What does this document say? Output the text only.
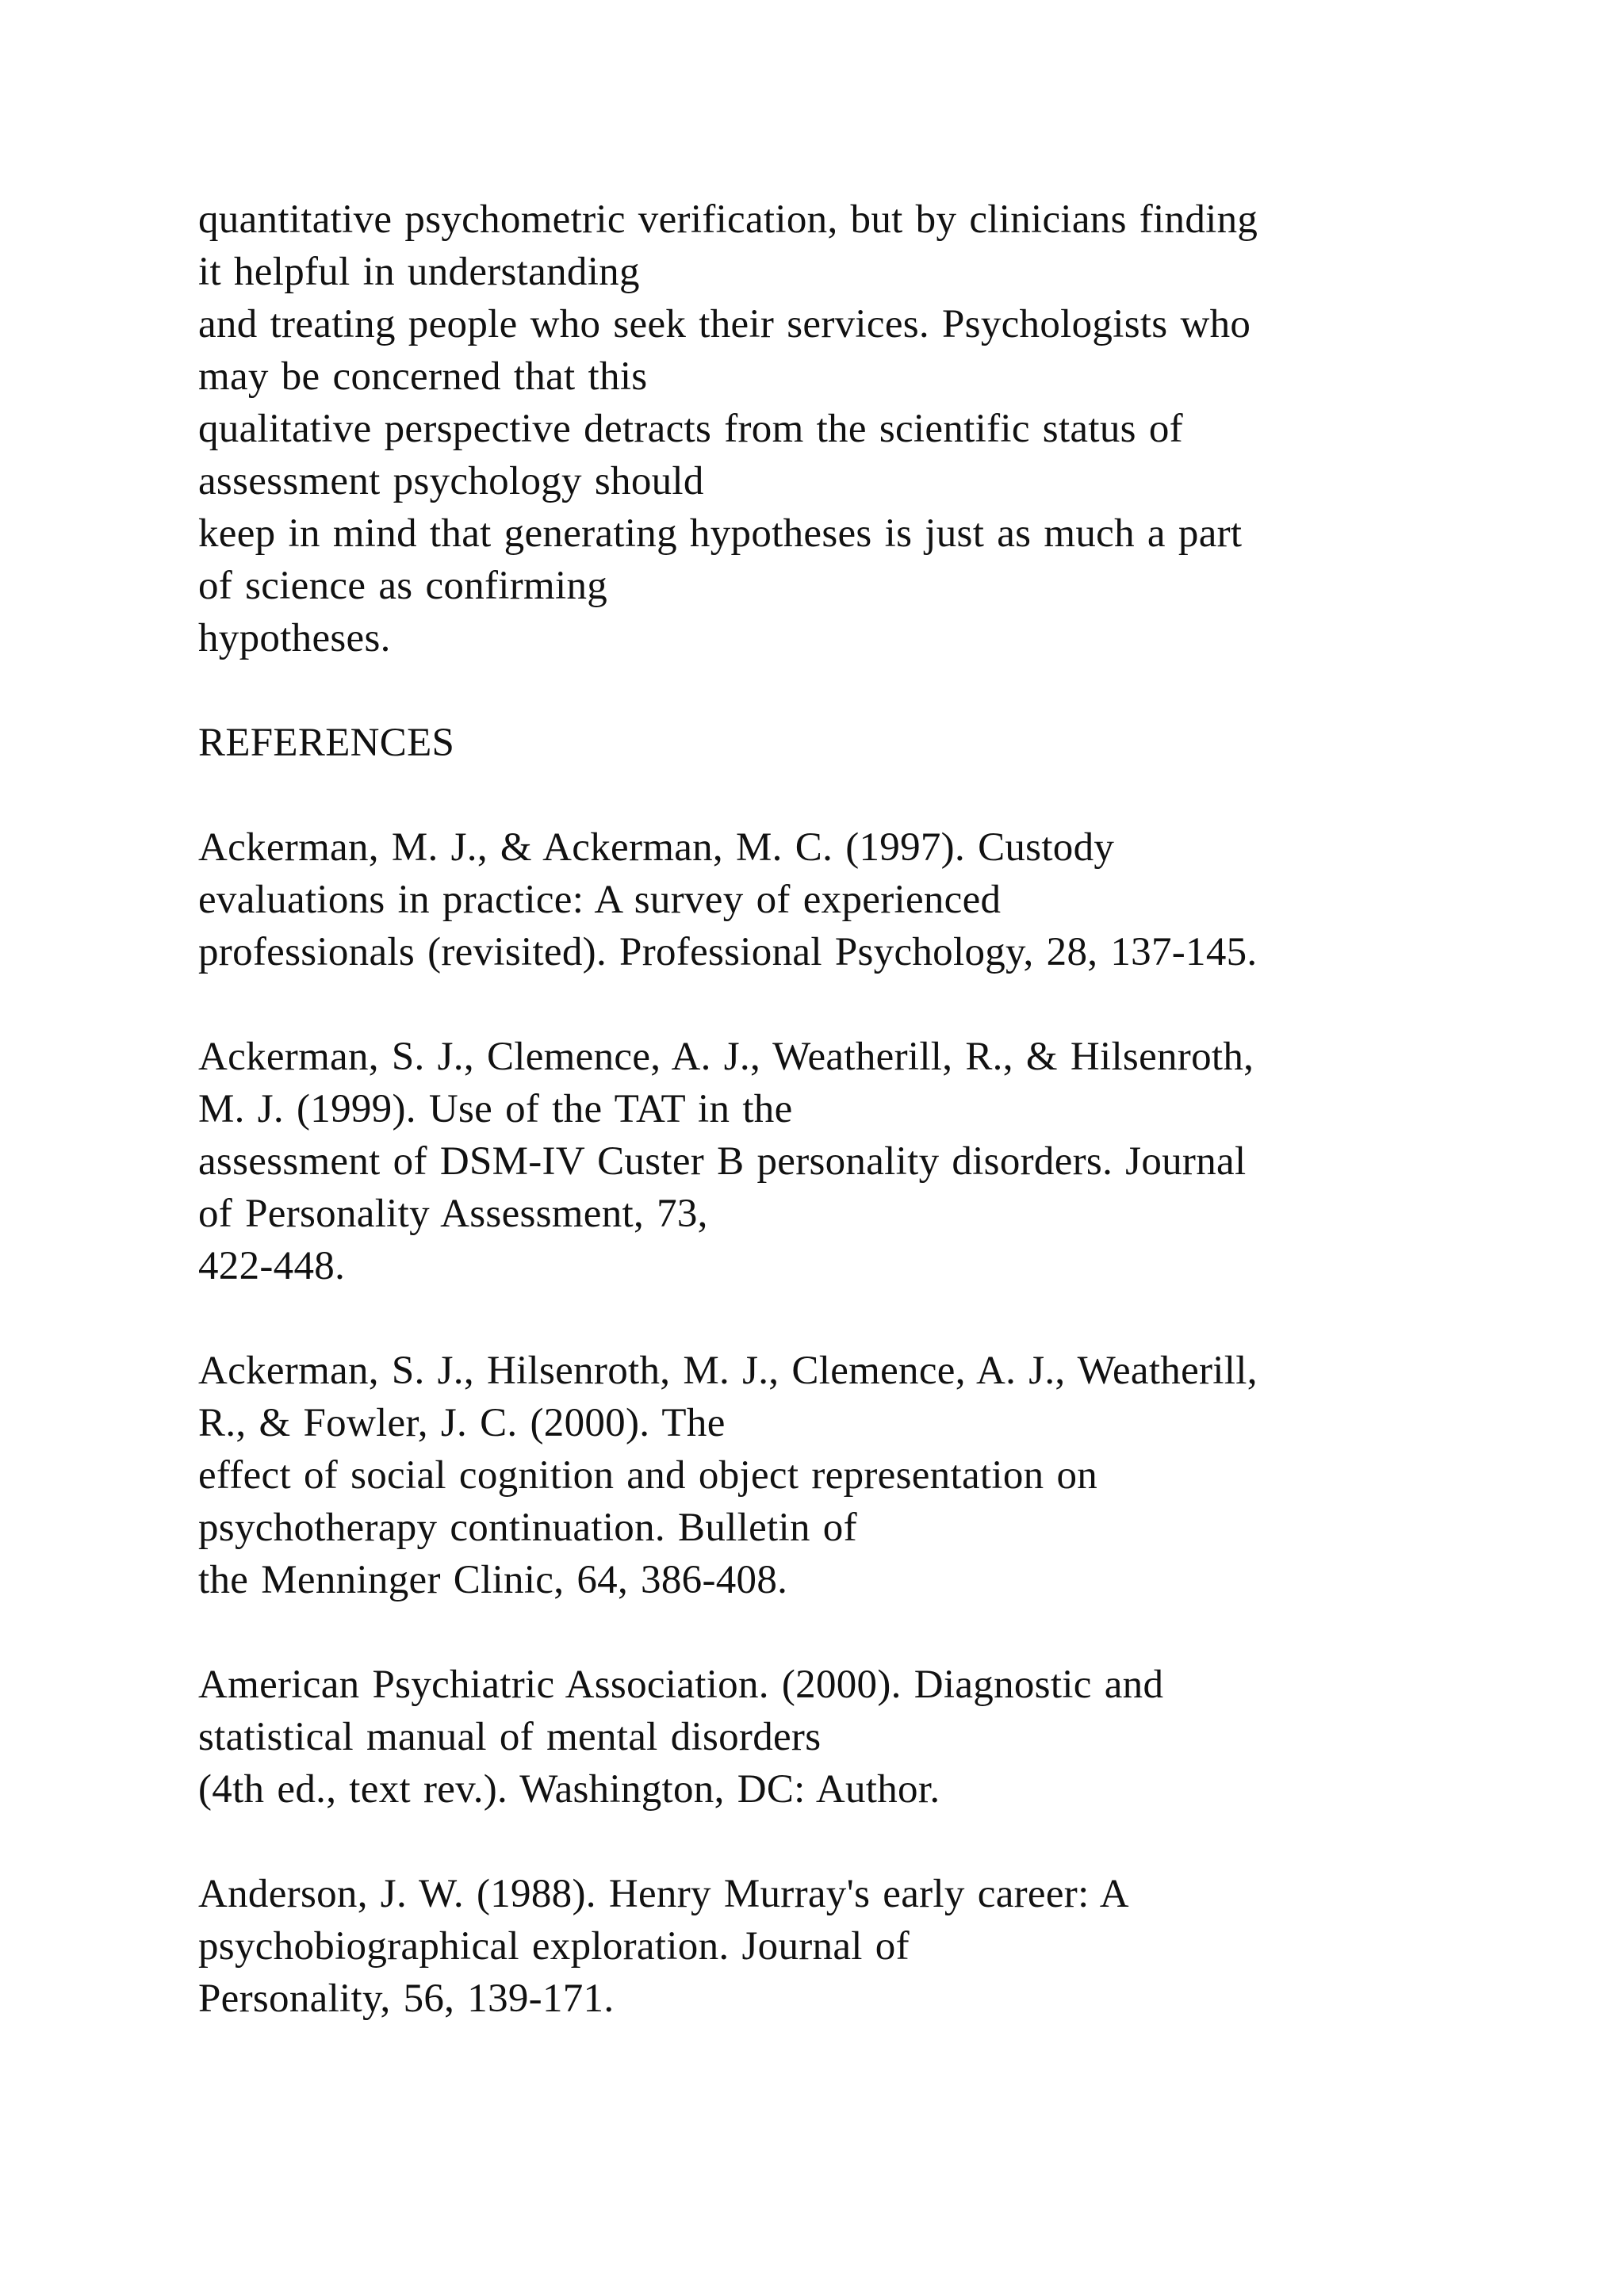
quantitative psychometric verification, but by clinicians finding
it helpful in understanding
and treating people who seek their services. Psychologists who
may be concerned that this
qualitative perspective detracts from the scientific status of
assessment psychology should
keep in mind that generating hypotheses is just as much a part
of science as confirming
hypotheses.
REFERENCES
Ackerman, M. J., & Ackerman, M. C. (1997). Custody
evaluations in practice: A survey of experienced
professionals (revisited). Professional Psychology, 28, 137-145.
Ackerman, S. J., Clemence, A. J., Weatherill, R., & Hilsenroth,
M. J. (1999). Use of the TAT in the
assessment of DSM-IV Custer B personality disorders. Journal
of Personality Assessment, 73,
422-448.
Ackerman, S. J., Hilsenroth, M. J., Clemence, A. J., Weatherill,
R., & Fowler, J. C. (2000). The
effect of social cognition and object representation on
psychotherapy continuation. Bulletin of
the Menninger Clinic, 64, 386-408.
American Psychiatric Association. (2000). Diagnostic and
statistical manual of mental disorders
(4th ed., text rev.). Washington, DC: Author.
Anderson, J. W. (1988). Henry Murray's early career: A
psychobiographical exploration. Journal of
Personality, 56, 139-171.
